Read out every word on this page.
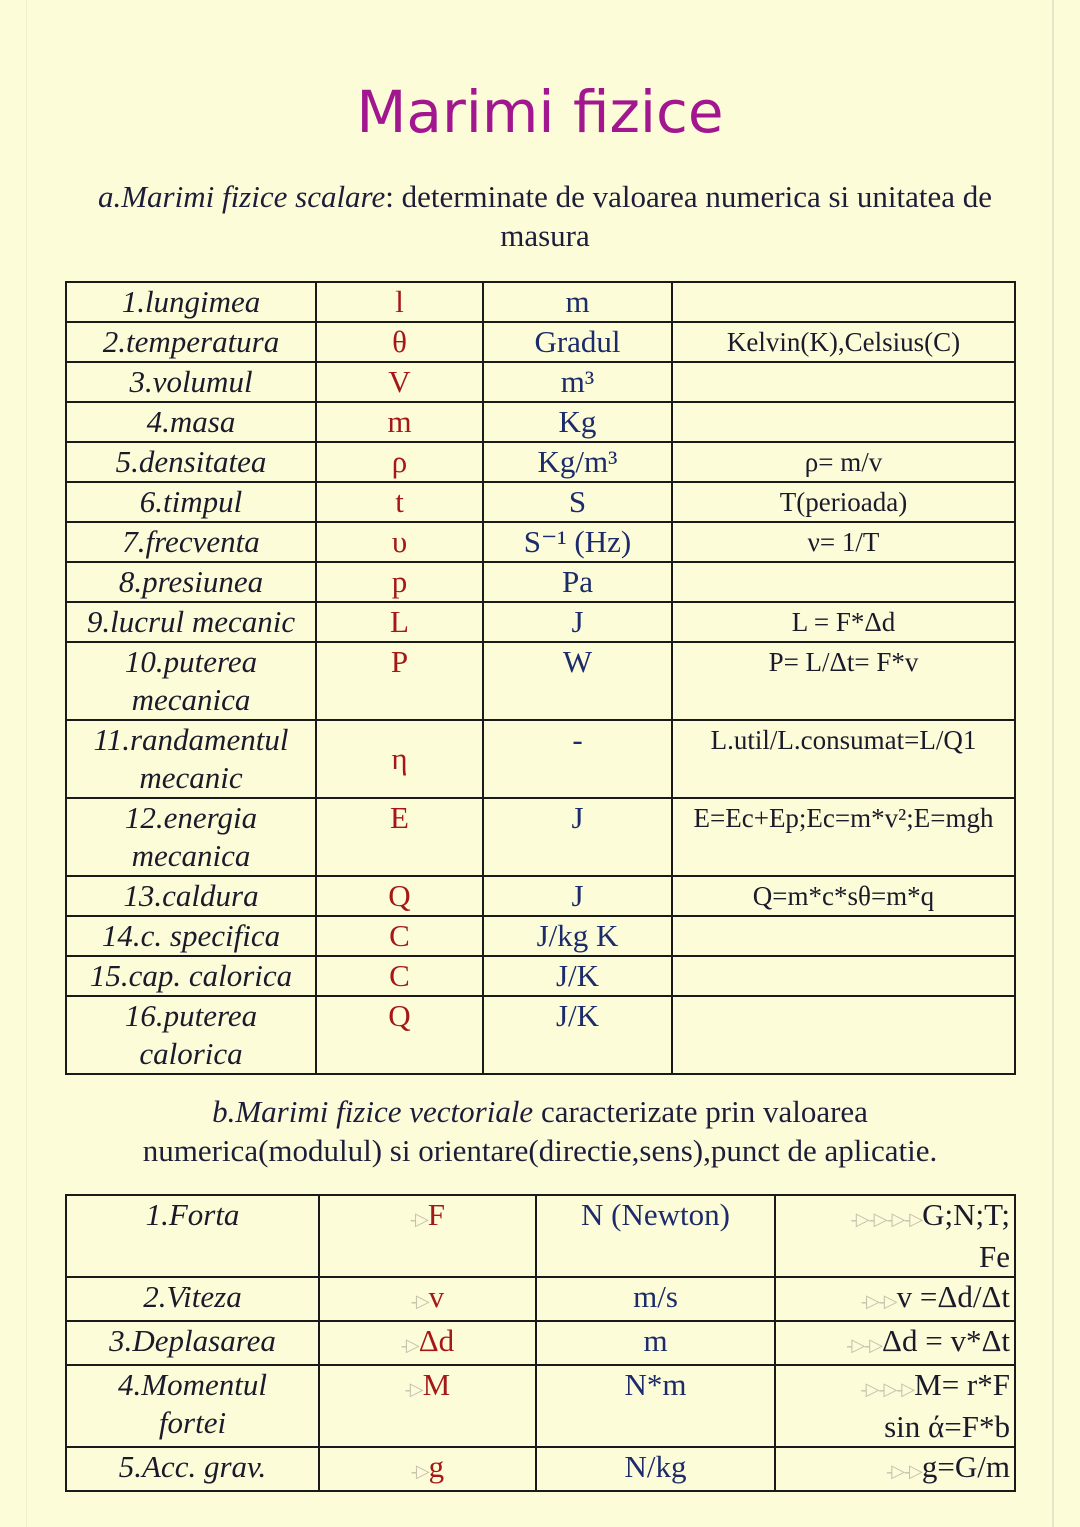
Marimi fizice
a.Marimi fizice scalare: determinate de valoarea numerica si unitatea de masura
1.lungimea	l	m	
2.temperatura	θ	Gradul	Kelvin(K),Celsius(C)
3.volumul	V	m³	
4.masa	m	Kg	
5.densitatea	ρ	Kg/m³	ρ= m/v
6.timpul	t	S	T(perioada)
7.frecventa	υ	S⁻¹ (Hz)	ν= 1/T
8.presiunea	p	Pa	
9.lucrul mecanic	L	J	L = F*Δd
10.puterea
mecanica	P	W	P= L/Δt= F*v
11.randamentul
mecanic	η	-	L.util/L.consumat=L/Q1
12.energia
mecanica	E	J	E=Ec+Ep;Ec=m*v²;E=mgh
13.caldura	Q	J	Q=m*c*sθ=m*q
14.c. specifica	C	J/kg K	
15.cap. calorica	C	J/K	
16.puterea
calorica	Q	J/K	
b.Marimi fizice vectoriale caracterizate prin valoarea numerica(modulul) si orientare(directie,sens),punct de aplicatie.
1.Forta	-▷F	N (Newton)	-▷-▷-▷-▷G;N;T;
Fe
2.Viteza	-▷v	m/s	-▷-▷v =Δd/Δt
3.Deplasarea	-▷Δd	m	-▷-▷Δd = v*Δt
4.Momentul
fortei	-▷M	N*m	-▷-▷-▷M= r*F
sin ά=F*b
5.Acc. grav.	-▷g	N/kg	-▷-▷g=G/m
